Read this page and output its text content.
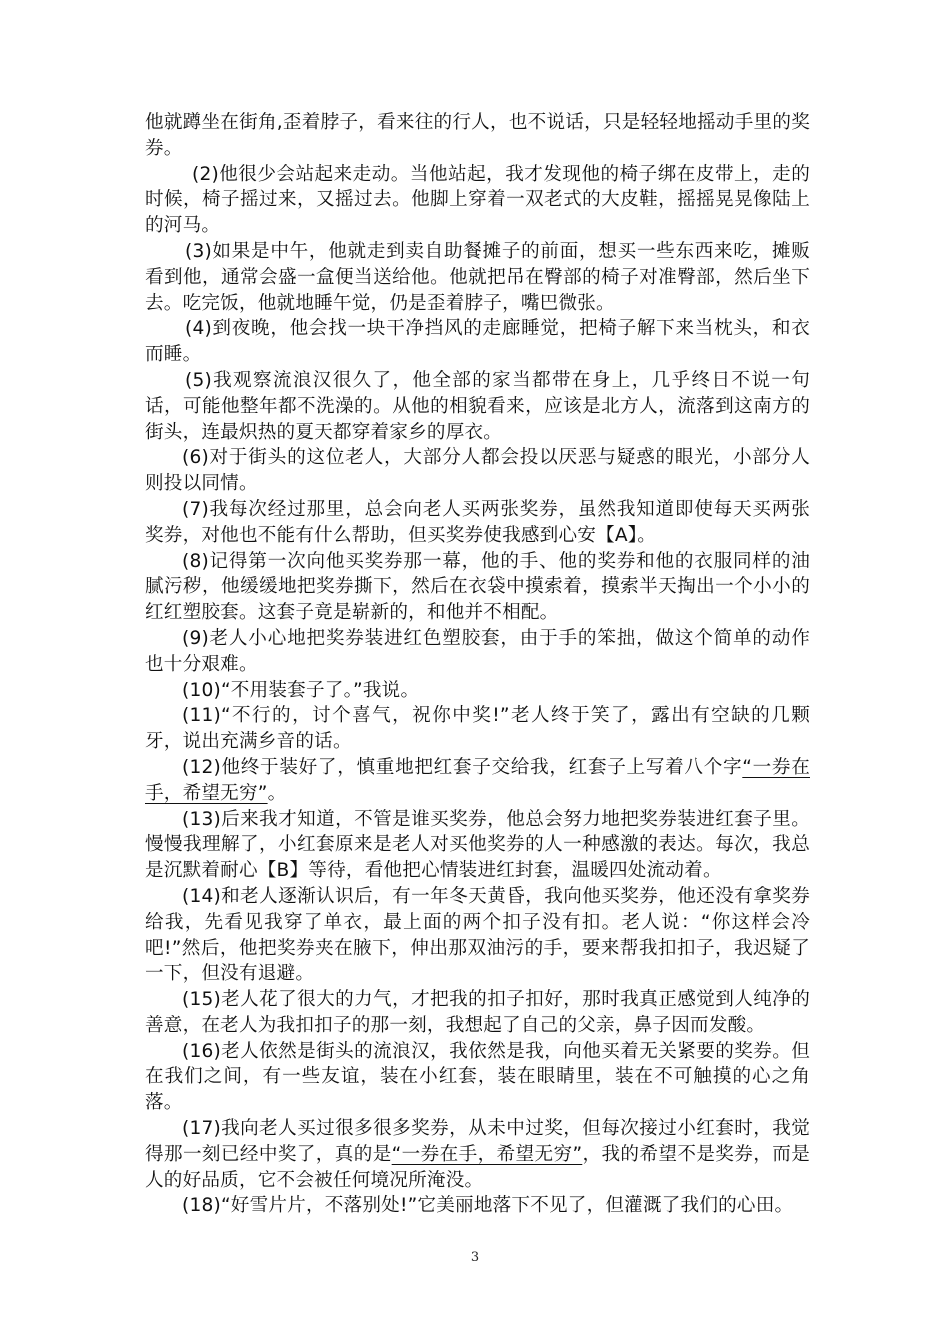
他就蹲坐在街角,歪着脖子，看来往的行人，也不说话，只是轻轻地摇动手里的奖券。

(2)他很少会站起来走动。当他站起，我才发现他的椅子绑在皮带上，走的时候，椅子摇过来，又摇过去。他脚上穿着一双老式的大皮鞋，摇摇晃晃像陆上的河马。

(3)如果是中午，他就走到卖自助餐摊子的前面，想买一些东西来吃，摊贩看到他，通常会盛一盒便当送给他。他就把吊在臀部的椅子对准臀部，然后坐下去。吃完饭，他就地睡午觉，仍是歪着脖子，嘴巴微张。

(4)到夜晚，他会找一块干净挡风的走廊睡觉，把椅子解下来当枕头，和衣而睡。

(5)我观察流浪汉很久了，他全部的家当都带在身上，几乎终日不说一句话，可能他整年都不洗澡的。从他的相貌看来，应该是北方人，流落到这南方的街头，连最炽热的夏天都穿着家乡的厚衣。

(6)对于街头的这位老人，大部分人都会投以厌恶与疑惑的眼光，小部分人则投以同情。

(7)我每次经过那里，总会向老人买两张奖券，虽然我知道即使每天买两张奖券，对他也不能有什么帮助，但买奖券使我感到心安【A】。

(8)记得第一次向他买奖券那一幕，他的手、他的奖券和他的衣服同样的油腻污秽，他缓缓地把奖券撕下，然后在衣袋中摸索着，摸索半天掏出一个小小的红红塑胶套。这套子竟是崭新的，和他并不相配。

(9)老人小心地把奖券装进红色塑胶套，由于手的笨拙，做这个简单的动作也十分艰难。

(10)“不用装套子了。”我说。

(11)“不行的，讨个喜气，祝你中奖!”老人终于笑了，露出有空缺的几颗牙，说出充满乡音的话。

(12)他终于装好了，慎重地把红套子交给我，红套子上写着八个字“一券在手，希望无穷”。

(13)后来我才知道，不管是谁买奖券，他总会努力地把奖券装进红套子里。慢慢我理解了，小红套原来是老人对买他奖券的人一种感激的表达。每次，我总是沉默着耐心【B】等待，看他把心情装进红封套，温暖四处流动着。

(14)和老人逐渐认识后，有一年冬天黄昏，我向他买奖券，他还没有拿奖券给我，先看见我穿了单衣，最上面的两个扣子没有扣。老人说：“你这样会冷吧!”然后，他把奖券夹在腋下，伸出那双油污的手，要来帮我扣扣子，我迟疑了一下，但没有退避。

(15)老人花了很大的力气，才把我的扣子扣好，那时我真正感觉到人纯净的善意，在老人为我扣扣子的那一刻，我想起了自己的父亲，鼻子因而发酸。

(16)老人依然是街头的流浪汉，我依然是我，向他买着无关紧要的奖券。但在我们之间，有一些友谊，装在小红套，装在眼睛里，装在不可触摸的心之角落。

(17)我向老人买过很多很多奖券，从未中过奖，但每次接过小红套时，我觉得那一刻已经中奖了，真的是“一券在手，希望无穷”，我的希望不是奖券，而是人的好品质，它不会被任何境况所淹没。

(18)“好雪片片，不落别处!”它美丽地落下不见了，但灌溉了我们的心田。

3
